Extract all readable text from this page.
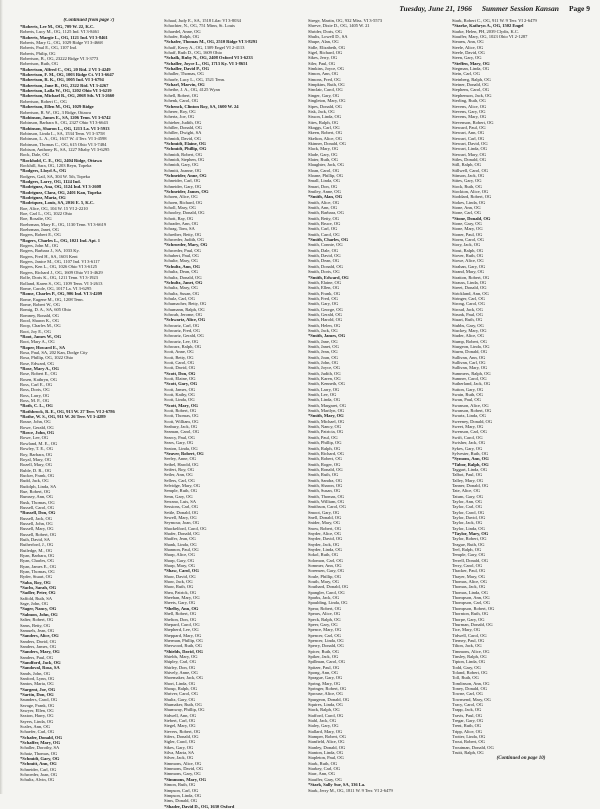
Tuesday, June 21, 1966 Summer Session Kansan Page 9
(Continued from page 7)
*Roberts, Lee M., OG, 709 W. 22, K.C.
Roberts, Lucy M., OG, 1125 Ind. VI 3-8461
*Roberts, Margie L., OG, 1121 Ind. VI 3-8461
Roberts, Mary G., OG, 1029 Ridge VI 3-4668
Roberts, Paul E., OG, 1107 Ind.
Roberts, Philip, OG
Robertson, B., OG, 23222 Ridge VI 3-3773
Robertson, Ruth, OG
*Robertson, Alfred C., OG, 20 Rtd. 2 VI 3-4249
*Robertson, F. M., OG, 1003 Ridge Ct. VI 3-6647
*Robertson, R. K., OG, 1005 Ind. VI 3-6794
*Robertson, Jane B., OG, 2322 Rtd. VI 3-4267
*Robertson, Lalla W., OG, 1202 Ohio VI 3-6219
*Robertson, Michael R., OG, 2068 Sth. VI 3-2660
Robertson, Robert C., OG
*Robertson, Ellen M., OG, 1029 Ridge
Robertson, R. W., OG, 3 Ridge, Ottawa
*Robinson, James E., SA, 1206 Tenn. VI 3-6742
Robinson, Barbara S., OG, 2327 Ohio VI 3-6643
*Robinson, Sharon L., OG, 1213 La. VI 3-5913
Robinson, Linda L., SA, 1534 Tenn. VI 3-3758
Robinson, L. A., OG, 1617 W. 4 Terr. VI 3-4598
Robinson, Thomas C., OG, 615 Ohio VI 3-7484
Robison, Anthony B., SA, 1227 Mtaby VI 3-6295
Rock, Dale, OG
*Rockhold, C. E., OG, 2404 Ridge, Ottawa
Rockhill, Sara, OG, 1203 Reyn, Topeka
*Rodgers, Lloyd A., OG
Rodgers, Gail, SA, 304 W. 5th, Topeka
*Rodgers, Larry, OG, 1124 Ind.
*Rodriguez, Ana, OG, 1124 Ind. VI 3-2608
*Rodriguez, Clara, OG, 2401 Kan, Topeka
*Rodriguez, Maria, OG
*Rodriquez, Louis, SA, 2016 E. 5, K.C.
Roe, Alice, OG, 104 W. 15 VI 2-2210
Roe, Carl L., OG, 1022 Ohio
Roe, Rosalie, OG
Roehrman, Mary E., OG, 1130 Tenn. VI 3-6619
Roehrman, Janet, OG
Rogers, Robert E., OG
*Rogers, Charles L., OG, 1021 Ind. Apt. 1
Rogers, John M., OG
Rogers, Barbara J., SA, 1033 Ky.
Rogers, Fred H., SA, 1603 Kent
Rogers, Janice M., OG, 1107 Ind. VI 3-6117
Rogers, Ken L., OG, 1026 Ohio VI 3-6125
Rogers, Richard J., OG, 1609 Ohio VI 3-4629
Rolfe, Doris K., OG, 1211 Tenn. VI 3-1923
Rolland, Karen S., OG, 1109 Tenn. VI 3-2613
Rome, Carole, OG, 1017 La. VI 3-6295
*Rome, Charles P., OG, 906 Ind. VI 3-4209
Rome, Eugene M., OG, 1208 Tenn.
Rome, Robert W., OG
Romig, D. A., SA, 605 Ohio
Romney, Ronald, OG
Rood, Sharon K., OG
Roop, Charles M., OG
Root, Joy E., OG
*Root, James W., OG
Root, Mary A., OG
*Roper, Howard E., SA
Rosa, Paul, SA, 202 Kan, Dodge City
Rosa, Phillip, OG, 1022 Ohio
Rose, Edward, OG
*Rose, Mary A., OG
Rose, Robert E., OG
Rosen, Kathryn, OG
Ross, Carl E., OG
Ross, Doris, OG
Ross, Larry, OG
Ross, M. F., OG
*Roth, C. L., OG
*Rothbrock, R. E., OG, 913 W. 27 Terr. VI 2-6786
*Rothe, W. S., OG, 911 W. 26 Terr. VI 3-4289
Rouse, John, OG
Rowe, Gerald, OG
*Rowe, John, OG
Rowe, Lee, OG
Rowland, M. E., OG
Rowley, T. E., OG
Roy, Barbara, OG
Royal, Mary, OG
Rozell, Mary, OG
Ruble, D. R., OG
Rucker, Frank, OG
Rudd, Jack, OG
Rudolph, Linda, SA
Rue, Robert, OG
Rumsey, Ann, OG
Rusk, Thomas, OG
Russell, Carol, OG
*Russell, Don, OG
Russell, Jack, OG
Russell, John, OG
Russell, Mary, OG
Russell, Robert, OG
Ruth, David, SA
Rutherford, J., OG
Rutledge, M., OG
Ryan, Barbara, OG
Ryan, Charles, OG
Ryan, James E., OG
Ryan, Thomas, OG
Ryder, Stuart, OG
*Saba, Roy, OG
*Sachs, Sarah, OG
*Sadler, Peter, OG
Saffold, Ruth, SA
Sage, John, OG
*Sager, Nancy, OG
*Salmon, John, OG
Salter, Robert, OG
Sams, Betty, OG
Samuels, Jean, OG
*Sanders, Alice, OG
Sanders, David, OG
Sanders, James, OG
*Sanders, Mary, OG
Sanders, Paul, OG
*Sandford, Jack, OG
*Sandoval, Rosa, SA
Sands, John, OG
Sanford, Lynn, OG
Santos, Maria, OG
*Sargent, Joe, OG
*Sartin, Don, OG
Saunders, Carol, OG
Savage, Frank, OG
Sawyer, Ellen, OG
Saxton, Harry, OG
Sayers, Linda, OG
Scales, Ann, OG
Schaefer, Carl, OG
*Schafer, Donald, OG
*Schaffer, Mary, OG
Schaller, Dorothy, SA
Schatz, Thomas, OG
*Schmidt, Gary, OG
*Schmitt, Ann, OG
Schneider, Carl, OG
Schroeder, Joan, OG
Schultz, Alvin, OG
Schaaf, Judy E., SA, 1518 Lilac VI 3-8034
Schachter, N., OG, 751 Minn, St. Louis
Schaedel, Anne, OG
Schafer, Ralph, OG
*Schafer, Thomas M., OG, 2510 Ridge VI 3-8291
Schaff, Kerry A., OG, 1309 Engel VI 2-4113
Schaff, Ruth D., OG, 1609 Ohio
*Schalk, Ruby N., OG, 2408 Oxford VI 3-6233
*Schaller, Joyce L., OG, 1713 Ky. VI 3-8651
*Schaller, David P., OG
Schaller, Thomas, OG
Scharfe, Lucy L., OG, 1521 Tenn.
*Scharl, Marvin, OG
Scheibe, J. A., OG, 4125 Wyan
Schell, Robert, OG
Schenk, Carol, OG
*Schenck, Clinton Roy, SA, 1600 W. 24
Scherer, Roy, OG
Schertz, Joe, OG
Schieber, Judith, OG
Schiller, Donald, OG
Schiller, Dwight, SA
Schmidt, David, OG
*Schmidt, Elaine, OG
*Schmidt, Phillip, OG
Schmidt, Robert, OG
Schmidt, Stephen, OG
Schmidt, Gary, OG
Schmitt, Joanne, OG
*Schneider, Anne, OG
Schneider, Carl, OG
Schneider, Gary, OG
*Schneider, James, OG
Schoen, Alice, OG
Schoen, Richard, OG
Scholl, Mary, OG
Schooley, Donald, OG
Schott, Ray, OG
Schrader, Ann, OG
Schrag, Tom, SA
Schreiber, Betty, OG
Schroeder, Judith, OG
*Schroeder, Mary, OG
Schroeder, Paul, OG
Schubert, Paul, OG
Schulte, Mary, OG
*Schultz, Ann, OG
Schultz, Dean, OG
Schultz, Donald, OG
*Schultz, Janet, OG
Schultz, Mary, OG
Schultz, Susan, OG
Schulz, Carl, OG
Schumacher, Betty, OG
Schumann, Ralph, OG
Schwab, Jerome, OG
*Schwartz, Alice, OG
Schwartz, Carl, OG
Schwartz, Fred, OG
Schwartz, Gerald, OG
Schwartz, Lee, OG
Schwarz, Ralph, OG
Scott, Anne, OG
Scott, Betty, OG
Scott, Carol, OG
Scott, David, OG
*Scott, Don, OG
Scott, Elaine, OG
*Scott, Gary, OG
Scott, James, OG
Scott, Kathy, OG
Scott, Linda, OG
*Scott, Mary, OG
Scott, Robert, OG
Scott, Thomas, OG
Scott, William, OG
Seabury, Jack, OG
Seaman, Carol, OG
Searcy, Paul, OG
Sears, Gary, OG
Seaton, Linda, OG
*Seaver, Robert, OG
Seeley, Anne, OG
Seibel, Harold, OG
Seifert, Roy, OG
Seiler, Ann, OG
Sellers, Carl, OG
Selvidge, Mary, OG
Semple, Ruth, OG
Senn, Gary, OG
Serrano, Luis, SA
Sessions, Carl, OG
Settle, Donald, OG
Sewell, Mary, OG
Seymour, Joan, OG
Shackelford, Carol, OG
Shafer, Donald, OG
Shaffer, Jean, OG
Shank, Linda, OG
Shannon, Paul, OG
Sharp, Alice, OG
Sharp, Gary, OG
Sharp, Mary, OG
*Shaw, Carol, OG
Shaw, David, OG
Shaw, Jack, OG
Shaw, Ruth, OG
Shea, Patrick, OG
Sheehan, Mary, OG
Sheets, Gary, OG
*Shelby, Ann, OG
Shell, Robert, OG
Shelton, Don, OG
Shepard, Carol, OG
Shepherd, Lee, OG
Sheppard, Mary, OG
Sherman, Phillip, OG
Sherwood, Ruth, OG
*Shields, David, OG
Shields, Mary, OG
Shipley, Carl, OG
Shirley, Don, OG
Shively, Anne, OG
Shoemaker, Jack, OG
Short, Linda, OG
Shoup, Ralph, OG
Shriver, Carol, OG
Shultz, Gary, OG
Shumaker, Ruth, OG
Shumway, Phillip, OG
Sidwell, Ann, OG
Siebert, Carl, OG
Siegel, Mary, OG
Sievers, Robert, OG
Sifers, Donald, OG
Sigler, Carol, OG
Sikes, Gary, OG
Silva, Maria, SA
Silver, Jack, OG
Simmons, Alice, OG
Simmons, David, OG
Simmons, Gary, OG
*Simmons, Mary, OG
Simon, Ruth, OG
Simpson, Carl, OG
Simpson, Linda, OG
Sims, Donald, OG
*Shader, David D., OG, 1630 Oxford
Strege, Martin, OG, 932 Miss. VI 3-5573
Shreve, Dixie D., OG, 1405 W. 21
Shrider, Doris, OG
Shults, Lowell D., SA
Shupe, Alan, OG
Sidle, Elizabeth, OG
Sigel, Richard, OG
Sikes, Jerry, OG
Siler, Paul, OG
Simkins, Joyce, OG
Simon, Ann, OG
Simons, Fred, OG
Simpkins, Ruth, OG
Sinclair, Carol, OG
Singer, Gary, OG
Singleton, Mary, OG
Sipes, Donald, OG
Sisk, Jack, OG
Sisson, Linda, OG
Sites, Ralph, OG
Skaggs, Carl, OG
Skeen, Robert, OG
Skelton, Alice, OG
Skinner, Donald, OG
Slack, Mary, OG
Slade, Gary, OG
Slater, Ruth, OG
Slaughter, Jack, OG
Sloan, Carol, OG
Sloane, Phillip, OG
Small, Linda, OG
Smart, Don, OG
Smiley, Anne, OG
*Smith, Alan, OG
Smith, Alice, OG
Smith, Ann, OG
Smith, Barbara, OG
Smith, Betty, OG
Smith, Bruce, OG
Smith, Carl, OG
Smith, Carol, OG
*Smith, Charles, OG
Smith, Connie, OG
Smith, Dale, OG
Smith, David, OG
Smith, Dean, OG
Smith, Donald, OG
Smith, Doris, OG
*Smith, Edward, OG
Smith, Elaine, OG
Smith, Ellen, OG
Smith, Frank, OG
Smith, Fred, OG
Smith, Gary, OG
Smith, George, OG
Smith, Gerald, OG
Smith, Harold, OG
Smith, Helen, OG
Smith, Jack, OG
*Smith, James, OG
Smith, Jane, OG
Smith, Janet, OG
Smith, Jean, OG
Smith, Joan, OG
Smith, John, OG
Smith, Joyce, OG
Smith, Judith, OG
Smith, Karen, OG
Smith, Kenneth, OG
Smith, Larry, OG
Smith, Lee, OG
Smith, Linda, OG
Smith, Margaret, OG
Smith, Marilyn, OG
*Smith, Mary, OG
Smith, Michael, OG
Smith, Nancy, OG
Smith, Patricia, OG
Smith, Paul, OG
Smith, Phillip, OG
Smith, Ralph, OG
Smith, Richard, OG
Smith, Robert, OG
Smith, Roger, OG
Smith, Ronald, OG
Smith, Ruth, OG
Smith, Sandra, OG
Smith, Sharon, OG
Smith, Susan, OG
Smith, Thomas, OG
Smith, William, OG
Smithson, Carol, OG
Smoot, Gary, OG
Snell, Donald, OG
Snider, Mary, OG
Snow, Robert, OG
Snyder, Alice, OG
Snyder, David, OG
Snyder, Jack, OG
Snyder, Linda, OG
Sokol, Ruth, OG
Solomon, Carl, OG
Sommer, Ann, OG
Sorensen, Gary, OG
Soule, Phillip, OG
South, Mary, OG
Southard, Donald, OG
Spangler, Carol, OG
Sparks, Jack, OG
Spaulding, Linda, OG
Spear, Robert, OG
Spears, Alice, OG
Speck, Ralph, OG
Speer, Gary, OG
Spence, Mary, OG
Spencer, Carl, OG
Spencer, Linda, OG
Sperry, Donald, OG
Spicer, Ruth, OG
Spiker, Jack, OG
Spillman, Carol, OG
Spitzer, Paul, OG
Spong, Ann, OG
Sprague, Gary, OG
Spring, Mary, OG
Springer, Robert, OG
Sprouse, Alice, OG
Spurgeon, Donald, OG
Squires, Linda, OG
Stack, Ralph, OG
Stafford, Carol, OG
Stahl, Jack, OG
Staley, Gary, OG
Stallard, Mary, OG
Stamper, Robert, OG
Stanfield, Alice, OG
Stanley, Donald, OG
Stanton, Linda, OG
Stapleton, Paul, OG
Stark, Ruth, OG
Starkey, Carl, OG
Starr, Ann, OG
Stauffer, Gary, OG
*Stark, Sally Sue, SA, 336 La.
Stark, Jerry M., OG, 1811 W. 9 Terr. VI 2-6479
Stark, Robert C., OG, 911 W. 9 Terr. VI 2-6479
*Starke, Kathryn A., OG, 1502 Engel
Starke, Helen, PH, 2039 Clydis, K.C.
Stauffer, Mary, OG, 1023 Ohio VI 2-1287
Stearns, Ann, OG
Steele, Alice, OG
Steele, David, OG
Steen, Gary, OG
*Steffen, Mary, OG
Stegman, Linda, OG
Stein, Carl, OG
Steinberg, Ralph, OG
Steiner, Donald, OG
Stephens, Carol, OG
Stephenson, Jack, OG
Sterling, Ruth, OG
Stevens, Alice, OG
Stevens, Gary, OG
Stevens, Mary, OG
Stevenson, Robert, OG
Steward, Paul, OG
Stewart, Ann, OG
Stewart, Carl, OG
Stewart, David, OG
Stewart, Linda, OG
Stewart, Mary, OG
Stiles, Donald, OG
Still, Ralph, OG
Stillwell, Carol, OG
Stinson, Jack, OG
Stites, Gary, OG
Stock, Ruth, OG
Stockton, Alice, OG
Stoddard, Robert, OG
Stokes, Linda, OG
Stone, Ann, OG
Stone, Carl, OG
*Stone, Donald, OG
Stone, Gary, OG
Stone, Mary, OG
Stoner, Paul, OG
Storm, Carol, OG
Story, Jack, OG
Stout, Ralph, OG
Stover, Ruth, OG
Stowe, Alice, OG
Strahan, Gary, OG
Strand, Mary, OG
Stratton, Robert, OG
Strauss, Linda, OG
Street, Donald, OG
Strickland, Ann, OG
Stringer, Carl, OG
Strong, Carol, OG
Stroud, Jack, OG
Strunk, Paul, OG
Stuart, Ruth, OG
Stubbs, Gary, OG
Stuckey, Mary, OG
Studer, Alice, OG
Stump, Robert, OG
Sturgeon, Linda, OG
Sturm, Donald, OG
Sullivan, Ann, OG
Sullivan, Carl, OG
Sullivan, Mary, OG
Summers, Ralph, OG
Sumner, Carol, OG
Sutherland, Jack, OG
Sutton, Gary, OG
Swain, Ruth, OG
Swan, Paul, OG
Swanson, Alice, OG
Swanson, Robert, OG
Swartz, Linda, OG
Sweeney, Donald, OG
Sweet, Mary, OG
Swenson, Carl, OG
Swift, Carol, OG
Swisher, Jack, OG
Sykes, Gary, OG
Sylvester, Ruth, OG
*Symons, Ann, OG
*Tabor, Ralph, OG
Taggart, Linda, OG
Talbot, Paul, OG
Talley, Mary, OG
Tanner, Donald, OG
Tate, Alice, OG
Tatum, Gary, OG
Taylor, Ann, OG
Taylor, Carl, OG
Taylor, Carol, OG
Taylor, David, OG
Taylor, Jack, OG
Taylor, Linda, OG
*Taylor, Mary, OG
Taylor, Robert, OG
Teague, Ruth, OG
Teel, Ralph, OG
Temple, Gary, OG
Terrell, Donald, OG
Terry, Carol, OG
Thacker, Paul, OG
Thayer, Mary, OG
Thomas, Alice, OG
Thomas, Jack, OG
Thomas, Linda, OG
Thompson, Ann, OG
Thompson, Carl, OG
Thompson, Robert, OG
Thornton, Ruth, OG
Thorpe, Gary, OG
Thurman, Donald, OG
Tice, Mary, OG
Tidwell, Carol, OG
Tierney, Paul, OG
Tilton, Jack, OG
Timmons, Alice, OG
Tinsley, Ralph, OG
Tipton, Linda, OG
Todd, Gary, OG
Toland, Robert, OG
Toll, Ruth, OG
Tomlinson, Ann, OG
Toney, Donald, OG
Towne, Carl, OG
Townsend, Mary, OG
Tracy, Carol, OG
Trapp, Jack, OG
Travis, Paul, OG
Tregar, Gary, OG
Trent, Ruth, OG
Tripp, Alice, OG
Trotter, Linda, OG
Trout, Robert, OG
Troutman, Donald, OG
Truitt, Ralph, OG
(Continued on page 10)
